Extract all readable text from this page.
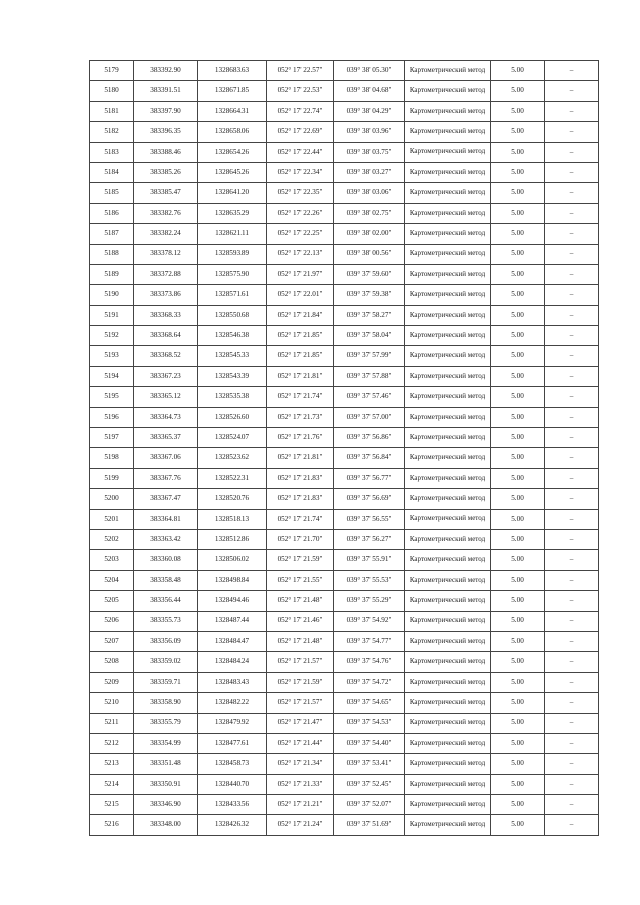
5179	383392.90	1328683.63	052° 17' 22.57"	039° 38' 05.30"	Картометрический метод	5.00	–
5180	383391.51	1328671.85	052° 17' 22.53"	039° 38' 04.68"	Картометрический метод	5.00	–
5181	383397.90	1328664.31	052° 17' 22.74"	039° 38' 04.29"	Картометрический метод	5.00	–
5182	383396.35	1328658.06	052° 17' 22.69"	039° 38' 03.96"	Картометрический метод	5.00	–
5183	383388.46	1328654.26	052° 17' 22.44"	039° 38' 03.75"	Картометрический метод	5.00	–
5184	383385.26	1328645.26	052° 17' 22.34"	039° 38' 03.27"	Картометрический метод	5.00	–
5185	383385.47	1328641.20	052° 17' 22.35"	039° 38' 03.06"	Картометрический метод	5.00	–
5186	383382.76	1328635.29	052° 17' 22.26"	039° 38' 02.75"	Картометрический метод	5.00	–
5187	383382.24	1328621.11	052° 17' 22.25"	039° 38' 02.00"	Картометрический метод	5.00	–
5188	383378.12	1328593.89	052° 17' 22.13"	039° 38' 00.56"	Картометрический метод	5.00	–
5189	383372.88	1328575.90	052° 17' 21.97"	039° 37' 59.60"	Картометрический метод	5.00	–
5190	383373.86	1328571.61	052° 17' 22.01"	039° 37' 59.38"	Картометрический метод	5.00	–
5191	383368.33	1328550.68	052° 17' 21.84"	039° 37' 58.27"	Картометрический метод	5.00	–
5192	383368.64	1328546.38	052° 17' 21.85"	039° 37' 58.04"	Картометрический метод	5.00	–
5193	383368.52	1328545.33	052° 17' 21.85"	039° 37' 57.99"	Картометрический метод	5.00	–
5194	383367.23	1328543.39	052° 17' 21.81"	039° 37' 57.88"	Картометрический метод	5.00	–
5195	383365.12	1328535.38	052° 17' 21.74"	039° 37' 57.46"	Картометрический метод	5.00	–
5196	383364.73	1328526.60	052° 17' 21.73"	039° 37' 57.00"	Картометрический метод	5.00	–
5197	383365.37	1328524.07	052° 17' 21.76"	039° 37' 56.86"	Картометрический метод	5.00	–
5198	383367.06	1328523.62	052° 17' 21.81"	039° 37' 56.84"	Картометрический метод	5.00	–
5199	383367.76	1328522.31	052° 17' 21.83"	039° 37' 56.77"	Картометрический метод	5.00	–
5200	383367.47	1328520.76	052° 17' 21.83"	039° 37' 56.69"	Картометрический метод	5.00	–
5201	383364.81	1328518.13	052° 17' 21.74"	039° 37' 56.55"	Картометрический метод	5.00	–
5202	383363.42	1328512.86	052° 17' 21.70"	039° 37' 56.27"	Картометрический метод	5.00	–
5203	383360.08	1328506.02	052° 17' 21.59"	039° 37' 55.91"	Картометрический метод	5.00	–
5204	383358.48	1328498.84	052° 17' 21.55"	039° 37' 55.53"	Картометрический метод	5.00	–
5205	383356.44	1328494.46	052° 17' 21.48"	039° 37' 55.29"	Картометрический метод	5.00	–
5206	383355.73	1328487.44	052° 17' 21.46"	039° 37' 54.92"	Картометрический метод	5.00	–
5207	383356.09	1328484.47	052° 17' 21.48"	039° 37' 54.77"	Картометрический метод	5.00	–
5208	383359.02	1328484.24	052° 17' 21.57"	039° 37' 54.76"	Картометрический метод	5.00	–
5209	383359.71	1328483.43	052° 17' 21.59"	039° 37' 54.72"	Картометрический метод	5.00	–
5210	383358.90	1328482.22	052° 17' 21.57"	039° 37' 54.65"	Картометрический метод	5.00	–
5211	383355.79	1328479.92	052° 17' 21.47"	039° 37' 54.53"	Картометрический метод	5.00	–
5212	383354.99	1328477.61	052° 17' 21.44"	039° 37' 54.40"	Картометрический метод	5.00	–
5213	383351.48	1328458.73	052° 17' 21.34"	039° 37' 53.41"	Картометрический метод	5.00	–
5214	383350.91	1328440.70	052° 17' 21.33"	039° 37' 52.45"	Картометрический метод	5.00	–
5215	383346.90	1328433.56	052° 17' 21.21"	039° 37' 52.07"	Картометрический метод	5.00	–
5216	383348.00	1328426.32	052° 17' 21.24"	039° 37' 51.69"	Картометрический метод	5.00	–
